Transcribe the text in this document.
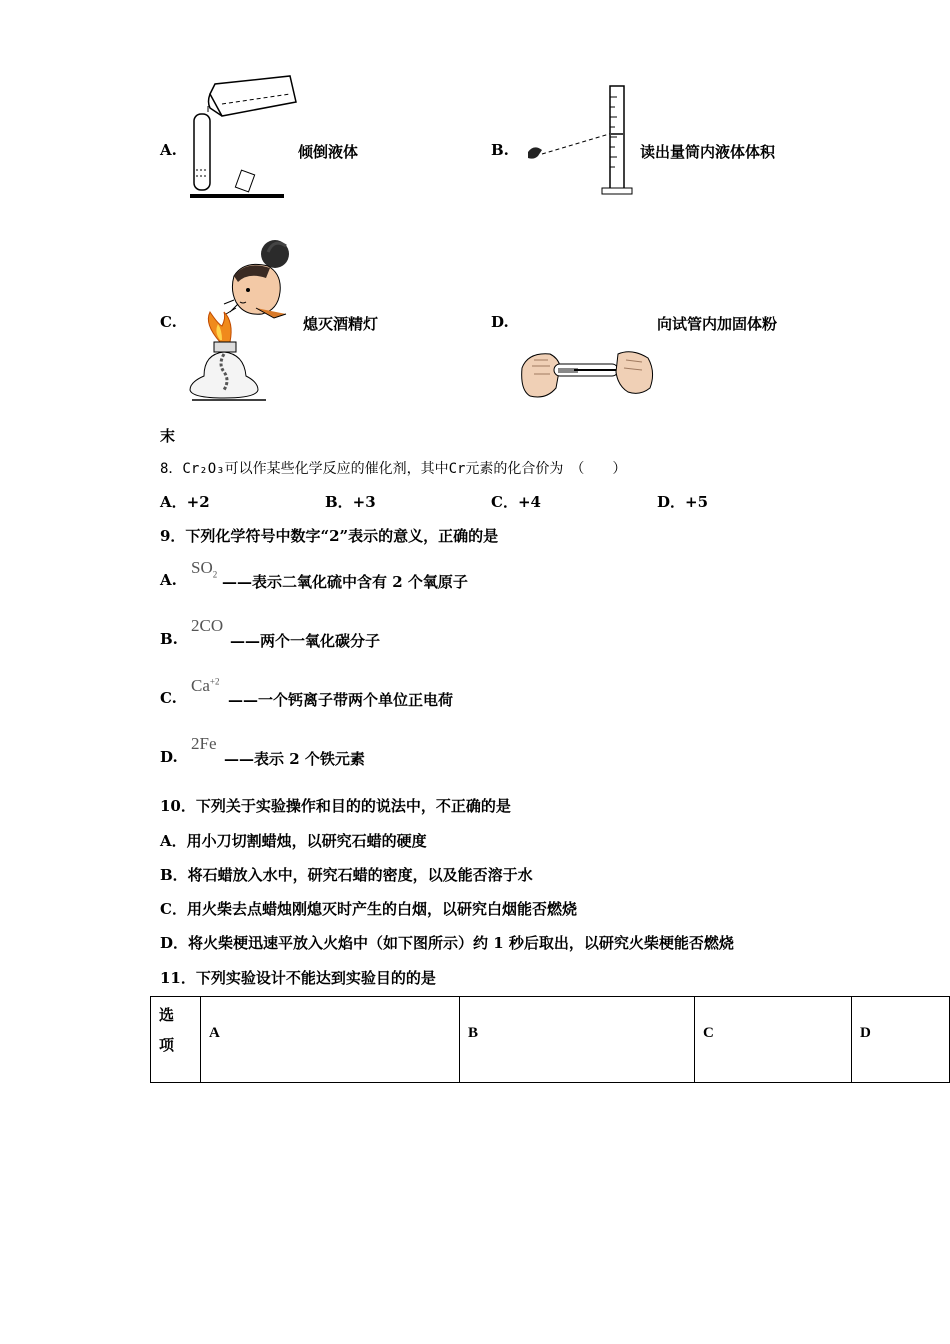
A.	倾倒液体	B.	读出量筒内液体体积
C.	熄灭酒精灯	D.	向试管内加固体粉
末
8．Cr₂O₃可以作某些化学反应的催化剂，其中Cr元素的化合价为　（　　）
A．+2	B．+3	C．+4	D．+5
9．下列化学符号中数字“2”表示的意义，正确的是
A.
$SO_2$ ——表示二氧化硫中含有 2 个氧原子
B.
2CO
——两个一氧化碳分子
C.
$Ca^{+2}$
——一个钙离子带两个单位正电荷
D.
2Fe
——表示 2 个铁元素
10．下列关于实验操作和目的的说法中，不正确的是
A．用小刀切割蜡烛，以研究石蜡的硬度
B．将石蜡放入水中，研究石蜡的密度，以及能否溶于水
C．用火柴去点蜡烛刚熄灭时产生的白烟，以研究白烟能否燃烧
D．将火柴梗迅速平放入火焰中（如下图所示）约 1 秒后取出，以研究火柴梗能否燃烧
11．下列实验设计不能达到实验目的的是
选
项	A	B	C	D
